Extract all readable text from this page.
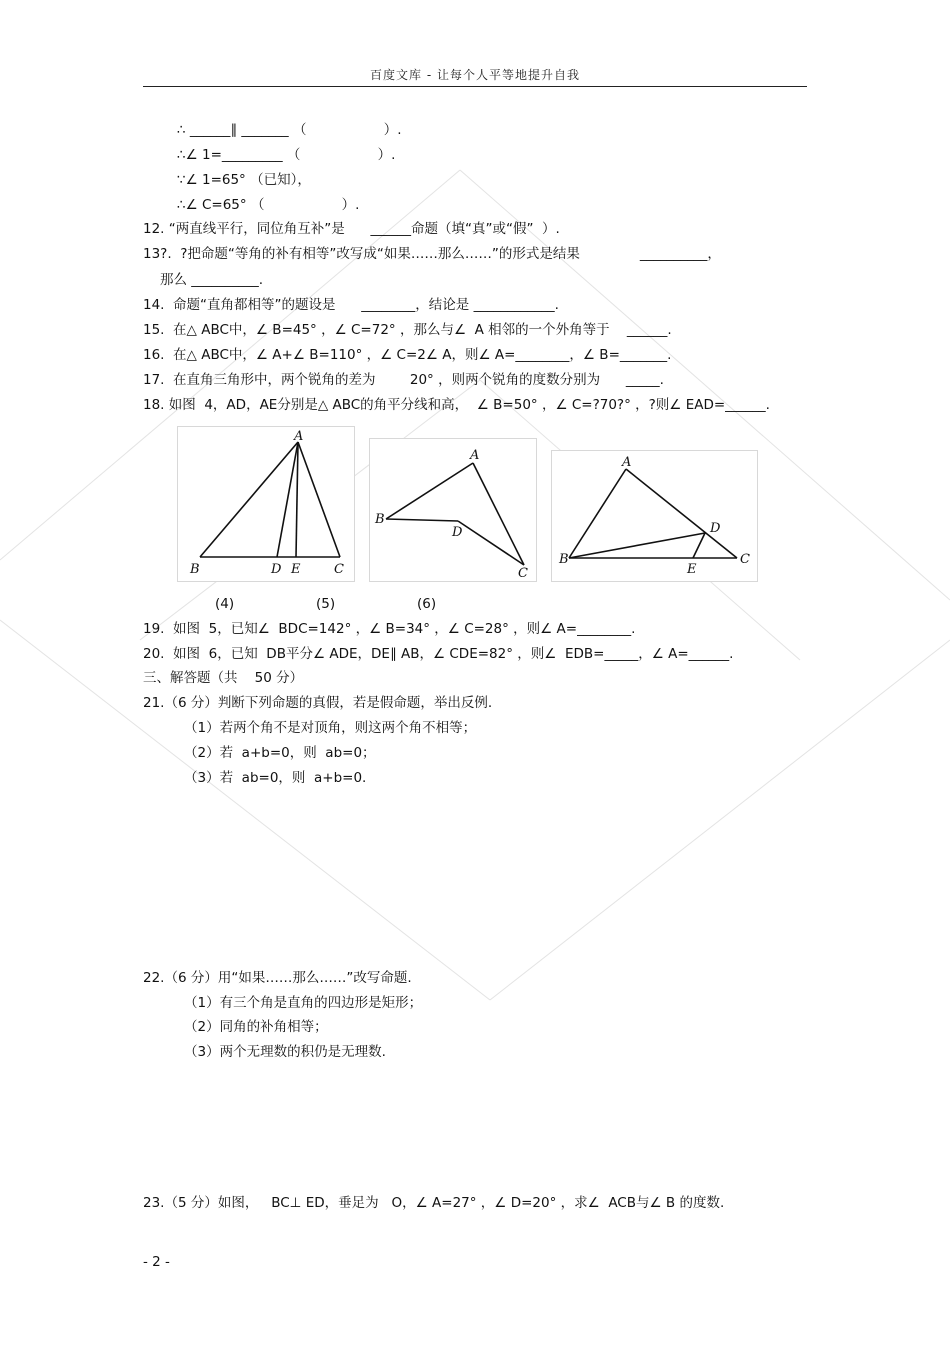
百度文库 - 让每个人平等地提升自我
∴ ______∥ _______ （                  ）.
∴∠ 1=_________ （                  ）.
∵∠ 1=65° （已知），
∴∠ C=65° （                  ）.
12. “两直线平行，同位角互补”是      ______命题（填“真”或“假”  ）.
13?.  ?把命题“等角的补有相等”改写成“如果……那么……”的形式是结果              __________，
那么 __________.
14.  命题“直角都相等”的题设是      ________，结论是 ____________.
15.  在△ ABC中，∠ B=45° ，∠ C=72° ，那么与∠  A 相邻的一个外角等于    ______.
16.  在△ ABC中，∠ A+∠ B=110° ，∠ C=2∠ A，则∠ A=________，∠ B=_______.
17.  在直角三角形中，两个锐角的差为        20° ，则两个锐角的度数分别为      _____.
18. 如图  4，AD，AE分别是△ ABC的角平分线和高，  ∠ B=50° ，∠ C=?70?° ，?则∠ EAD=______.
A
B	D E	C
A
B
D
C
A
D
B
E
C
(4)	(5)	(6)
19.  如图  5，已知∠  BDC=142° ，∠ B=34° ，∠ C=28° ，则∠ A=________.
20.  如图  6，已知  DB平分∠ ADE，DE∥ AB，∠ CDE=82° ，则∠  EDB=_____，∠ A=______.
三、解答题（共    50 分）
21.（6 分）判断下列命题的真假，若是假命题，举出反例.
（1）若两个角不是对顶角，则这两个角不相等；
（2）若  a+b=0，则  ab=0；
（3）若  ab=0，则  a+b=0.
22.（6 分）用“如果……那么……”改写命题.
（1）有三个角是直角的四边形是矩形；
（2）同角的补角相等；
（3）两个无理数的积仍是无理数.
23.（5 分）如图，   BC⊥ ED，垂足为   O，∠ A=27° ，∠ D=20° ，求∠  ACB与∠ B 的度数.
- 2 -
